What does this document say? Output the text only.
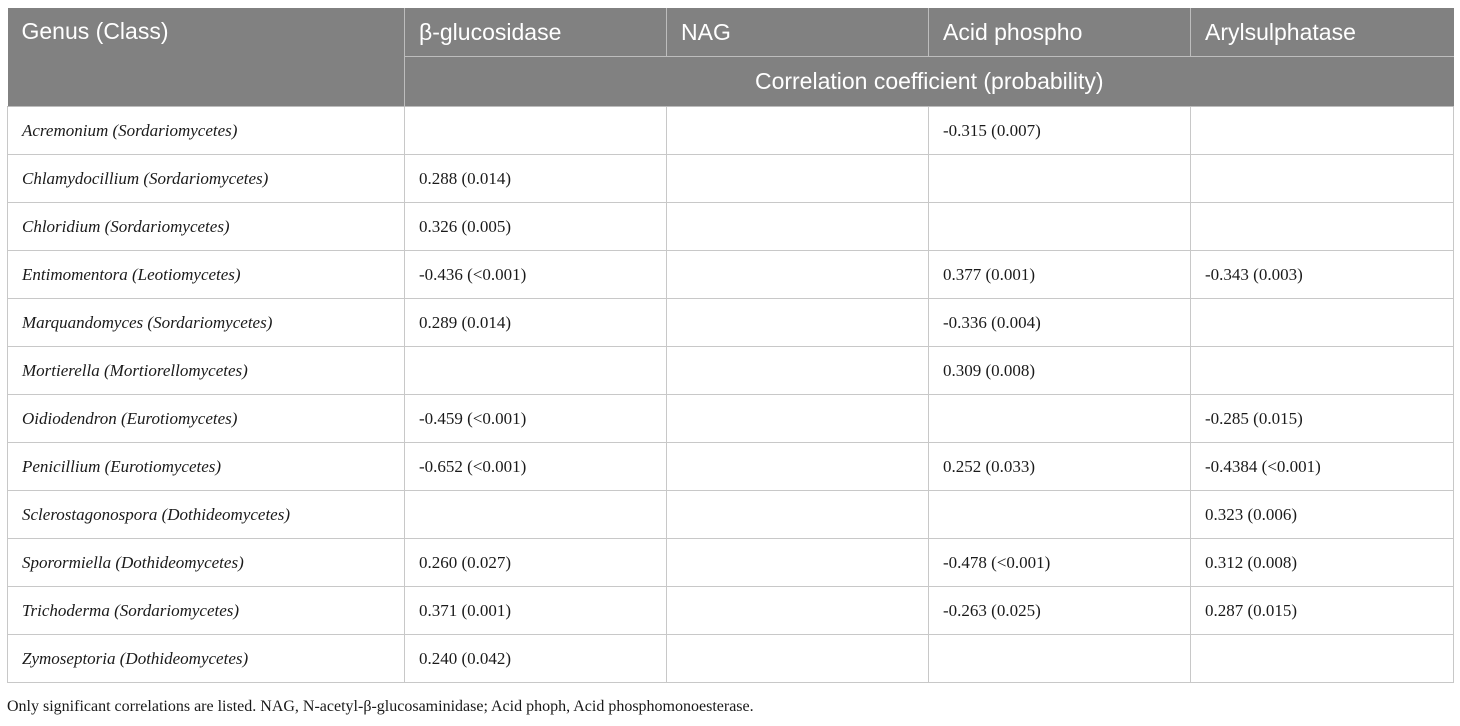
Genus (Class)	β-glucosidase	NAG	Acid phospho	Arylsulphatase
	Correlation coefficient (probability)			
Acremonium (Sordariomycetes)			-0.315 (0.007)	
Chlamydocillium (Sordariomycetes)	0.288 (0.014)			
Chloridium (Sordariomycetes)	0.326 (0.005)			
Entimomentora (Leotiomycetes)	-0.436 (<0.001)		0.377 (0.001)	-0.343 (0.003)
Marquandomyces (Sordariomycetes)	0.289 (0.014)		-0.336 (0.004)	
Mortierella (Mortiorellomycetes)			0.309 (0.008)	
Oidiodendron (Eurotiomycetes)	-0.459 (<0.001)			-0.285 (0.015)
Penicillium (Eurotiomycetes)	-0.652 (<0.001)		0.252 (0.033)	-0.4384 (<0.001)
Sclerostagonospora (Dothideomycetes)				0.323 (0.006)
Sporormiella (Dothideomycetes)	0.260 (0.027)		-0.478 (<0.001)	0.312 (0.008)
Trichoderma (Sordariomycetes)	0.371 (0.001)		-0.263 (0.025)	0.287 (0.015)
Zymoseptoria (Dothideomycetes)	0.240 (0.042)			
Only significant correlations are listed. NAG, N-acetyl-β-glucosaminidase; Acid phoph, Acid phosphomonoesterase.
